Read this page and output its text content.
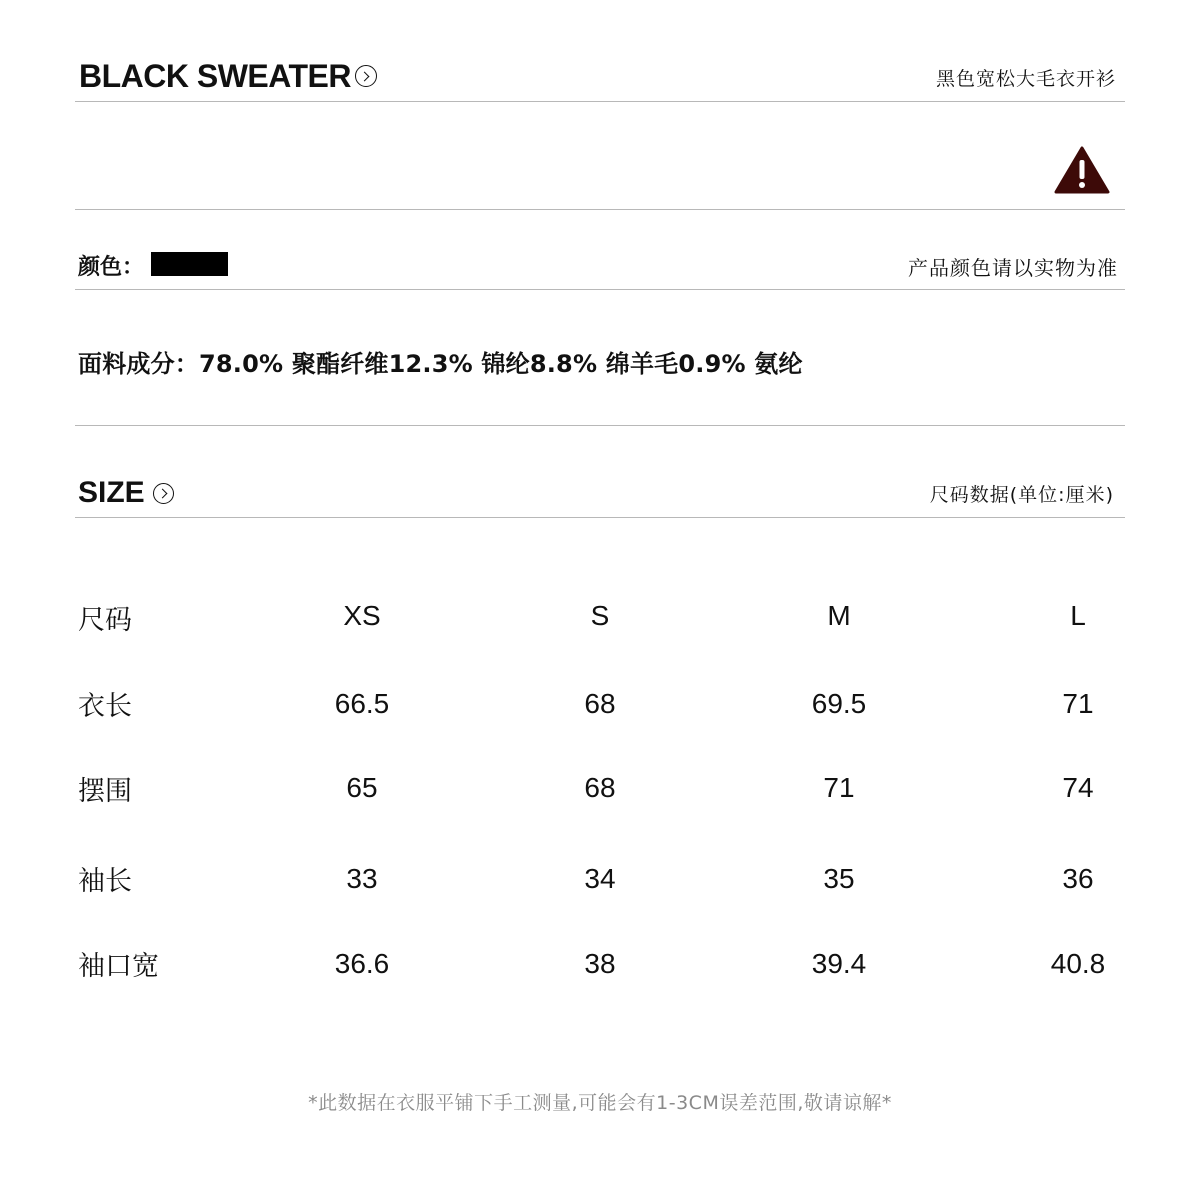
BLACK SWEATER	黑色宽松大毛衣开衫
颜色：	产品颜色请以实物为准
面料成分：78.0% 聚酯纤维12.3% 锦纶8.8% 绵羊毛0.9% 氨纶
SIZE	尺码数据(单位:厘米)
尺码	XS	S	M	L
衣长	66.5	68	69.5	71
摆围	65	68	71	74
袖长	33	34	35	36
袖口宽	36.6	38	39.4	40.8
*此数据在衣服平铺下手工测量,可能会有1-3CM误差范围,敬请谅解*
